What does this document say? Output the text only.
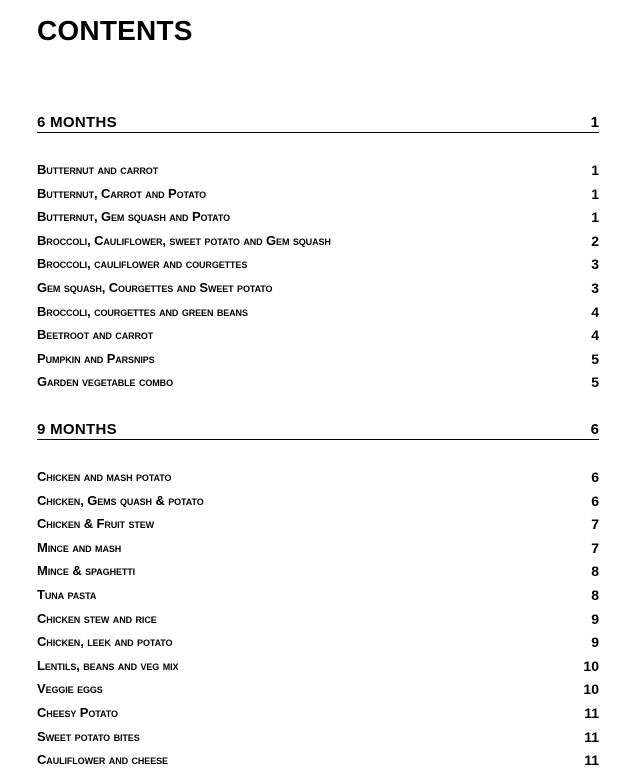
CONTENTS
6 MONTHS	1
Butternut and carrot	1
Butternut, Carrot and Potato	1
Butternut, Gem squash and Potato	1
Broccoli, Cauliflower, sweet potato and Gem squash	2
Broccoli, cauliflower and courgettes	3
Gem squash, Courgettes and Sweet potato	3
Broccoli, courgettes and green beans	4
Beetroot and carrot	4
Pumpkin and Parsnips	5
Garden vegetable combo	5
9 MONTHS	6
Chicken and mash potato	6
Chicken, Gems quash & potato	6
Chicken & Fruit stew	7
Mince and mash	7
Mince & spaghetti	8
Tuna pasta	8
Chicken stew and rice	9
Chicken, leek and potato	9
Lentils, beans and veg mix	10
Veggie eggs	10
Cheesy Potato	11
Sweet potato bites	11
Cauliflower and cheese	11
